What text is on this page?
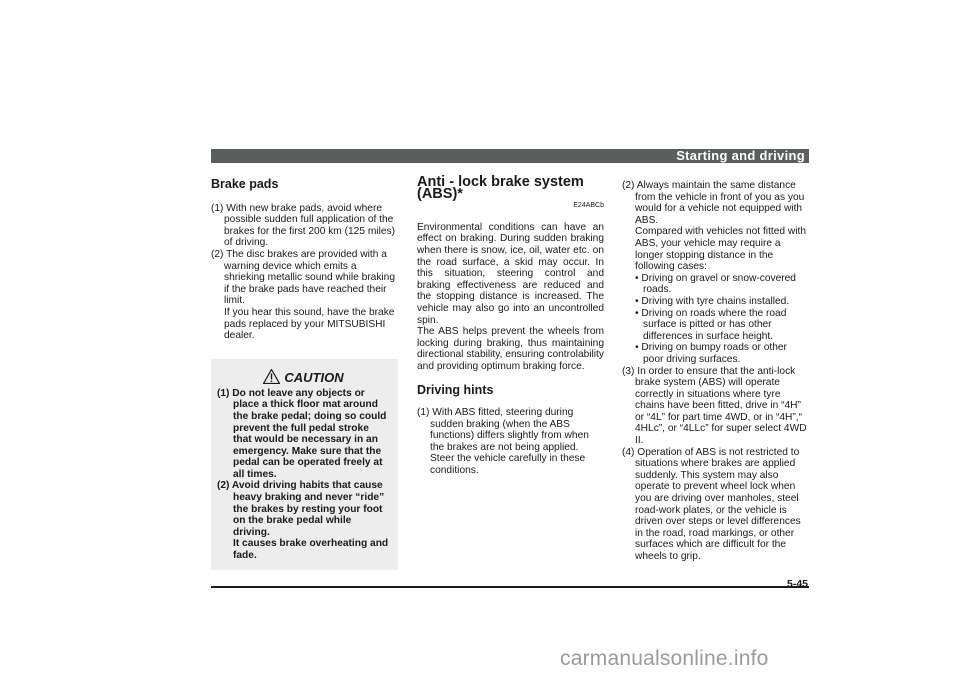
Starting and driving

Brake pads

(1) With new brake pads, avoid where possible sudden full application of the brakes for the first 200 km (125 miles) of driving.

(2) The disc brakes are provided with a warning device which emits a shrieking metallic sound while braking if the brake pads have reached their limit.

If you hear this sound, have the brake pads replaced by your MITSUBISHI dealer.

CAUTION

(1) Do not leave any objects or place a thick floor mat around the brake pedal; doing so could prevent the full pedal stroke that would be necessary in an emergency. Make sure that the pedal can be operated freely at all times.

(2) Avoid driving habits that cause heavy braking and never “ride” the brakes by resting your foot on the brake pedal while driving.

It causes brake overheating and fade.

Anti - lock brake system (ABS)*

E24ABCb

Environmental conditions can have an effect on braking. During sudden braking when there is snow, ice, oil, water etc. on the road surface, a skid may occur. In this situation, steering control and braking effectiveness are reduced and the stopping distance is increased. The vehicle may also go into an uncontrolled spin.

The ABS helps prevent the wheels from locking during braking, thus maintaining directional stability, ensuring controlability and providing optimum braking force.

Driving hints

(1) With ABS fitted, steering during sudden braking (when the ABS functions) differs slightly from when the brakes are not being applied.

Steer the vehicle carefully in these conditions.

(2) Always maintain the same distance from the vehicle in front of you as you would for a vehicle not equipped with ABS.

Compared with vehicles not fitted with ABS, your vehicle may require a longer stopping distance in the following cases:

• Driving on gravel or snow-covered roads.

• Driving with tyre chains installed.

• Driving on roads where the road surface is pitted or has other differences in surface height.

• Driving on bumpy roads or other poor driving surfaces.

(3) In order to ensure that the anti-lock brake system (ABS) will operate correctly in situations where tyre chains have been fitted, drive in “4H” or “4L” for part time 4WD, or in “4H”,“ 4HLc”, or “4LLc” for super select 4WD II.

(4) Operation of ABS is not restricted to situations where brakes are applied suddenly. This system may also operate to prevent wheel lock when you are driving over manholes, steel road-work plates, or the vehicle is driven over steps or level differences in the road, road markings, or other surfaces which are difficult for the wheels to grip.

5-45
carmanualsonline.info
